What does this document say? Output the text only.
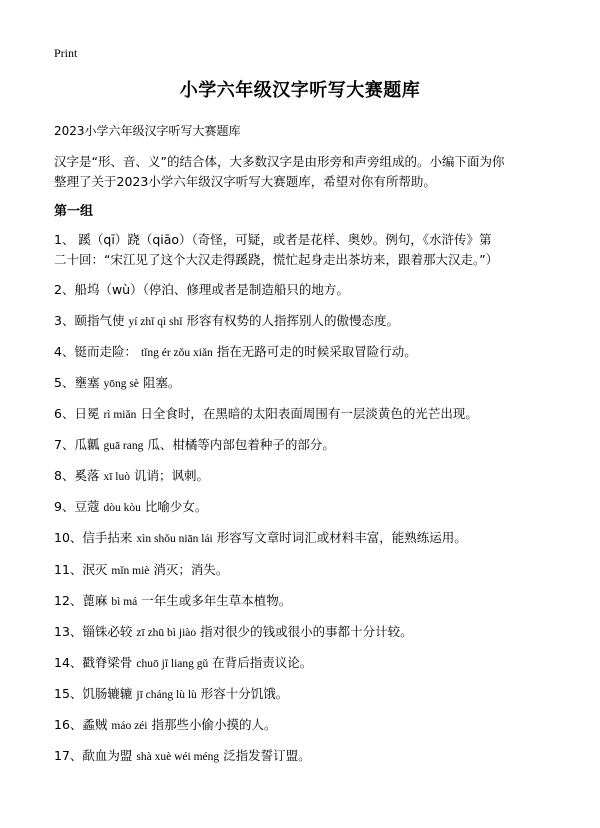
Print
小学六年级汉字听写大赛题库
2023小学六年级汉字听写大赛题库
汉字是“形、音、义”的结合体，大多数汉字是由形旁和声旁组成的。小编下面为你
整理了关于2023小学六年级汉字听写大赛题库，希望对你有所帮助。
第一组
1、 蹊（qī）跷（qiāo）（奇怪，可疑，或者是花样、奥妙。例句，《水浒传》第
二十回：“宋江见了这个大汉走得蹊跷，慌忙起身走出茶坊来，跟着那大汉走。”）
2、船坞（wù）（停泊、修理或者是制造船只的地方。
3、颐指气使 yí zhǐ qì shǐ 形容有权势的人指挥别人的傲慢态度。
4、铤而走险： tǐng ér zǒu xiǎn 指在无路可走的时候采取冒险行动。
5、壅塞 yōng sè 阻塞。
6、日冕 rì miǎn 日全食时，在黑暗的太阳表面周围有一层淡黄色的光芒出现。
7、瓜瓤 guā rang 瓜、柑橘等内部包着种子的部分。
8、奚落 xī luò 讥诮；讽刺。
9、豆蔻 dòu kòu 比喻少女。
10、信手拈来 xìn shǒu niān lái 形容写文章时词汇或材料丰富，能熟练运用。
11、泯灭 mǐn miè 消灭；消失。
12、蓖麻 bì má 一年生或多年生草本植物。
13、锱铢必较 zī zhū bì jiào 指对很少的钱或很小的事都十分计较。
14、戳脊梁骨 chuō jǐ liang gǔ 在背后指责议论。
15、饥肠辘辘 jī cháng lù lù 形容十分饥饿。
16、蟊贼 máo zéi 指那些小偷小摸的人。
17、歃血为盟 shà xuè wéi méng 泛指发誓订盟。
